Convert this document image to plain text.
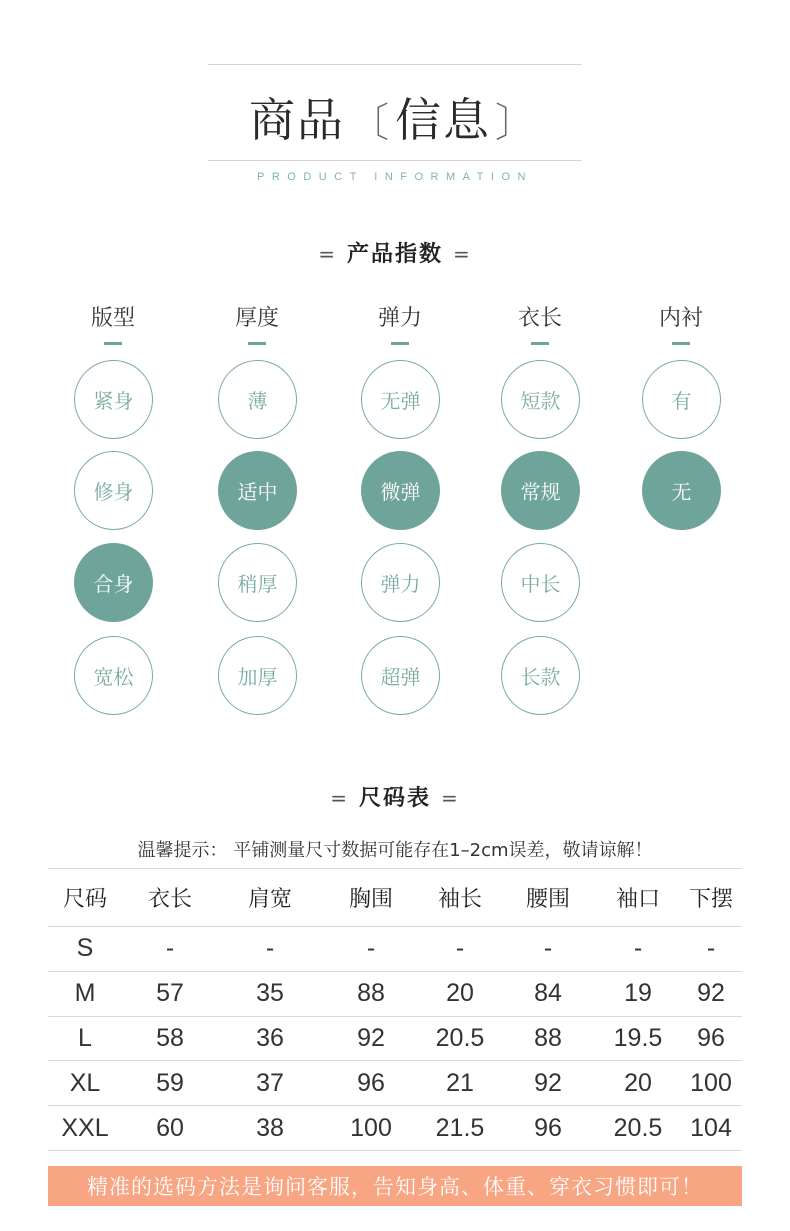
商品 〔信息 〕
PRODUCT INFORMATION
= 产品指数 =
版型
紧身
修身
合身
宽松
厚度
薄
适中
稍厚
加厚
弹力
无弹
微弹
弹力
超弹
衣长
短款
常规
中长
长款
内衬
有
无
= 尺码表 =
温馨提示： 平铺测量尺寸数据可能存在1–2cm误差，敬请谅解！
尺码	衣长	肩宽	胸围	袖长	腰围	袖口	下摆
S	-	-	-	-	-	-	-
M	57	35	88	20	84	19	92
L	58	36	92	20.5	88	19.5	96
XL	59	37	96	21	92	20	100
XXL	60	38	100	21.5	96	20.5	104
精准的选码方法是询问客服，告知身高、体重、穿衣习惯即可！
